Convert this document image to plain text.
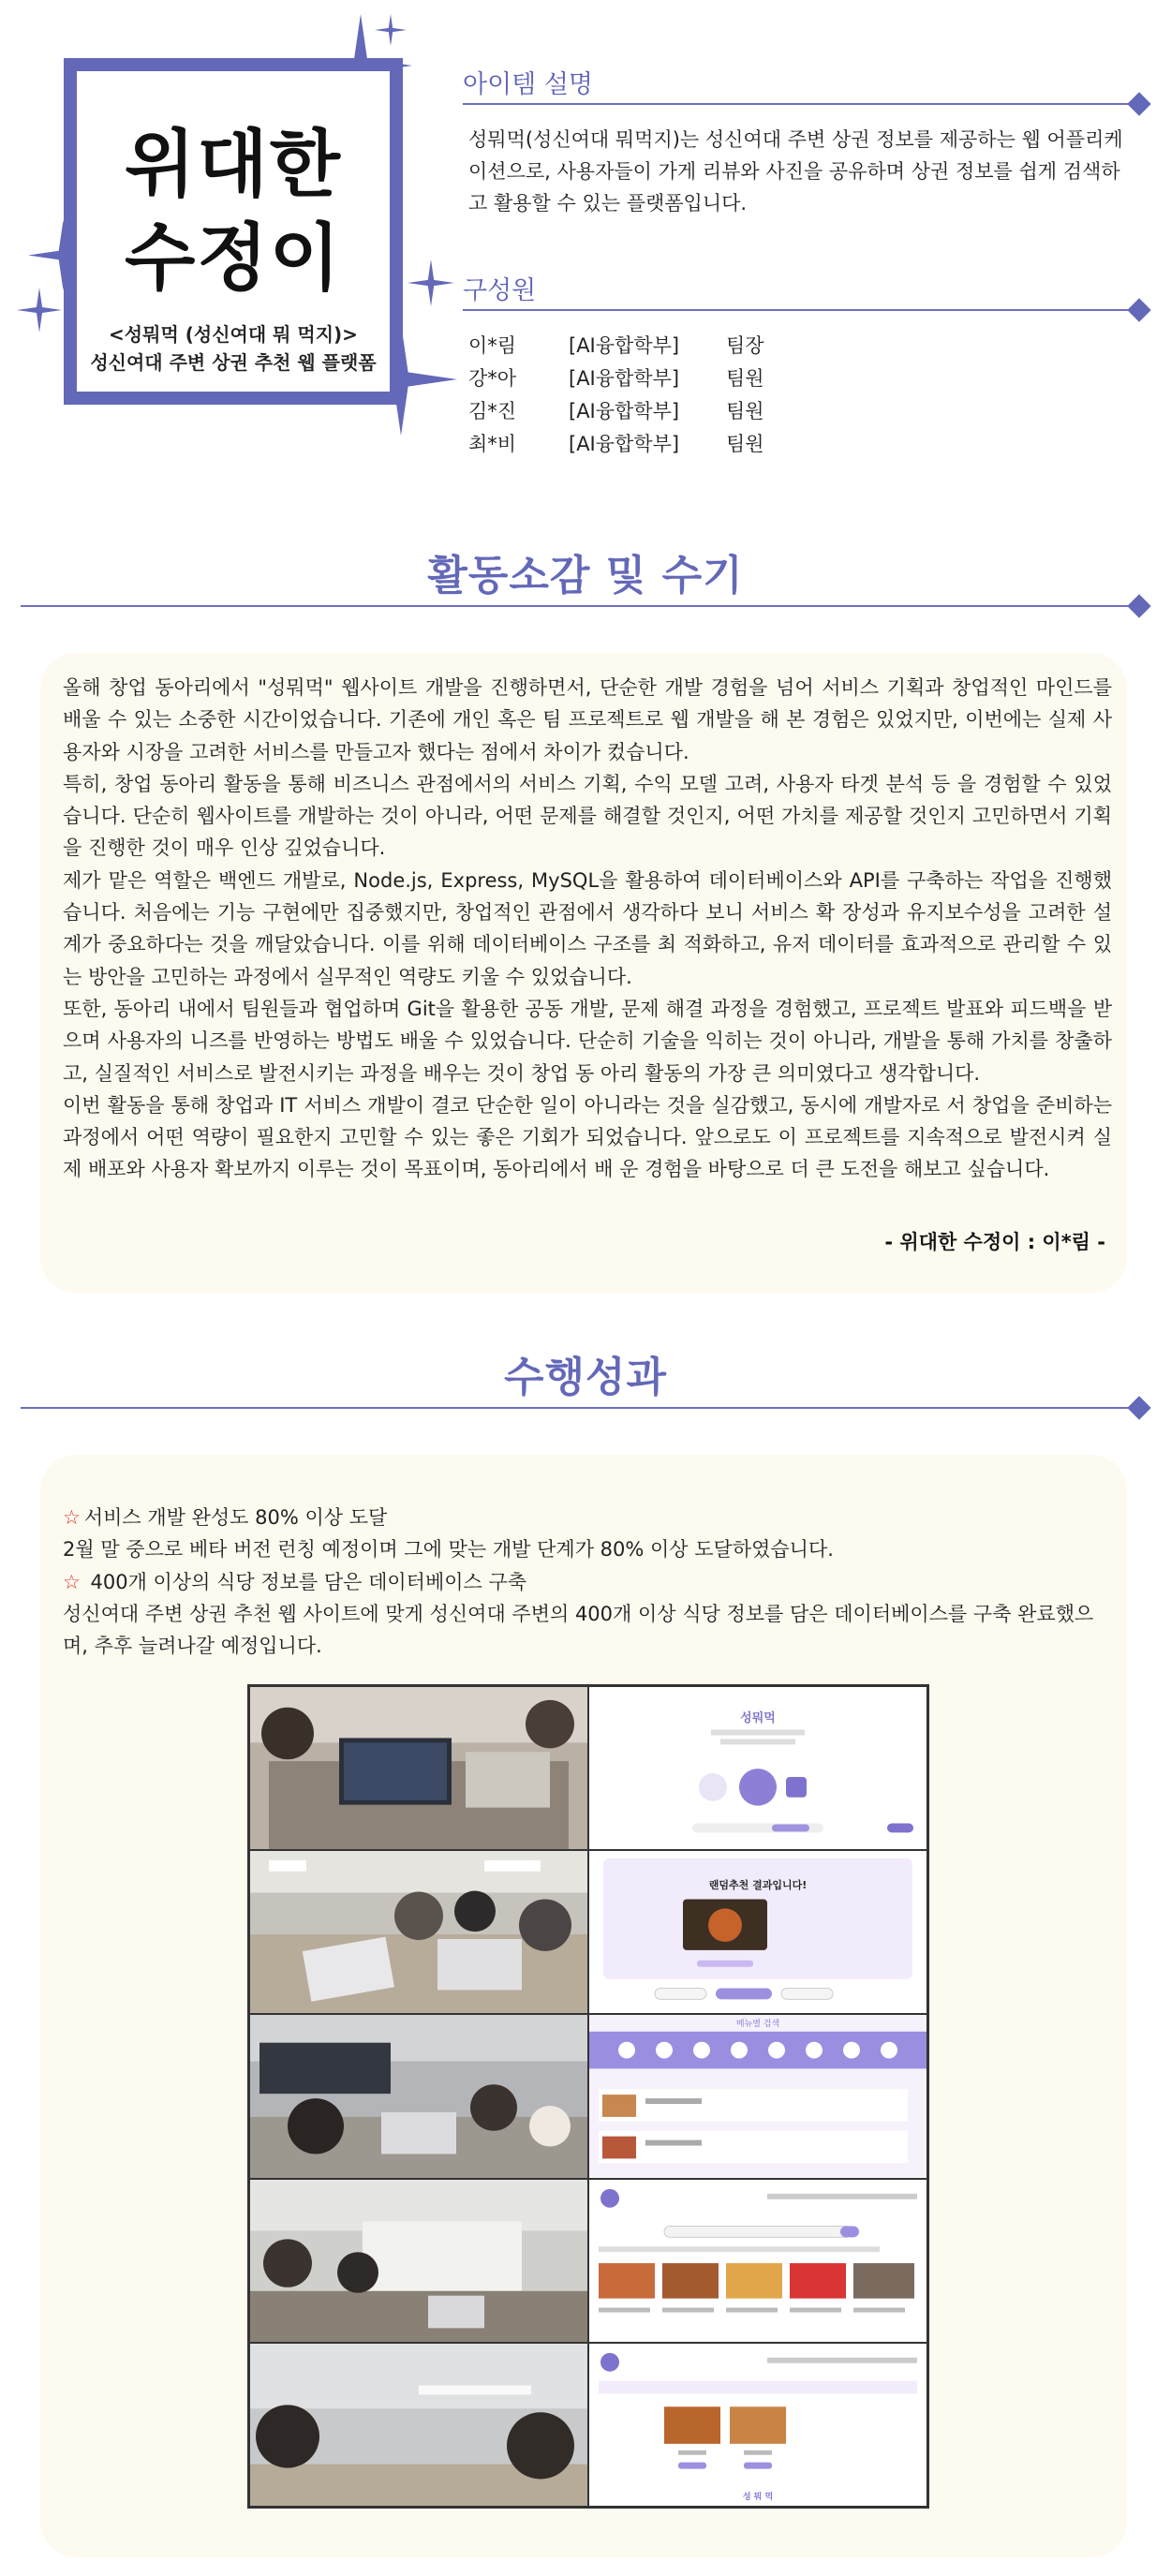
위대한
수정이
<성뭐먹 (성신여대 뭐 먹지)>
성신여대 주변 상권 추천 웹 플랫폼
아이템 설명
성뭐먹(성신여대 뭐먹지)는 성신여대 주변 상권 정보를 제공하는 웹 어플리케이션으로, 사용자들이 가게 리뷰와 사진을 공유하며 상권 정보를 쉽게 검색하고 활용할 수 있는 플랫폼입니다.
구성원
이*림	[AI융합학부]	팀장
강*아	[AI융합학부]	팀원
김*진	[AI융합학부]	팀원
최*비	[AI융합학부]	팀원
활동소감 및 수기
올해 창업 동아리에서 "성뭐먹" 웹사이트 개발을 진행하면서, 단순한 개발 경험을 넘어 서비스 기획과 창업적인 마인드를 배울 수 있는 소중한 시간이었습니다. 기존에 개인 혹은 팀 프로젝트로 웹 개발을 해 본 경험은 있었지만, 이번에는 실제 사용자와 시장을 고려한 서비스를 만들고자 했다는 점에서 차이가 컸습니다.
특히, 창업 동아리 활동을 통해 비즈니스 관점에서의 서비스 기획, 수익 모델 고려, 사용자 타겟 분석 등 을 경험할 수 있었습니다. 단순히 웹사이트를 개발하는 것이 아니라, 어떤 문제를 해결할 것인지, 어떤 가치를 제공할 것인지 고민하면서 기획을 진행한 것이 매우 인상 깊었습니다.
제가 맡은 역할은 백엔드 개발로, Node.js, Express, MySQL을 활용하여 데이터베이스와 API를 구축하는 작업을 진행했습니다. 처음에는 기능 구현에만 집중했지만, 창업적인 관점에서 생각하다 보니 서비스 확 장성과 유지보수성을 고려한 설계가 중요하다는 것을 깨달았습니다. 이를 위해 데이터베이스 구조를 최 적화하고, 유저 데이터를 효과적으로 관리할 수 있는 방안을 고민하는 과정에서 실무적인 역량도 키울 수 있었습니다.
또한, 동아리 내에서 팀원들과 협업하며 Git을 활용한 공동 개발, 문제 해결 과정을 경험했고, 프로젝트 발표와 피드백을 받으며 사용자의 니즈를 반영하는 방법도 배울 수 있었습니다. 단순히 기술을 익히는 것이 아니라, 개발을 통해 가치를 창출하고, 실질적인 서비스로 발전시키는 과정을 배우는 것이 창업 동 아리 활동의 가장 큰 의미였다고 생각합니다.
이번 활동을 통해 창업과 IT 서비스 개발이 결코 단순한 일이 아니라는 것을 실감했고, 동시에 개발자로 서 창업을 준비하는 과정에서 어떤 역량이 필요한지 고민할 수 있는 좋은 기회가 되었습니다. 앞으로도 이 프로젝트를 지속적으로 발전시켜 실제 배포와 사용자 확보까지 이루는 것이 목표이며, 동아리에서 배 운 경험을 바탕으로 더 큰 도전을 해보고 싶습니다.
- 위대한 수정이 : 이*림 -
수행성과
☆ 서비스 개발 완성도 80% 이상 도달
2월 말 중으로 베타 버전 런칭 예정이며 그에 맞는 개발 단계가 80% 이상 도달하였습니다.
☆ 400개 이상의 식당 정보를 담은 데이터베이스 구축
성신여대 주변 상권 추천 웹 사이트에 맞게 성신여대 주변의 400개 이상 식당 정보를 담은 데이터베이스를 구축 완료했으며, 추후 늘려나갈 예정입니다.
성뭐먹
랜덤추천 결과입니다!
메뉴별 검색
성 뭐 먹
